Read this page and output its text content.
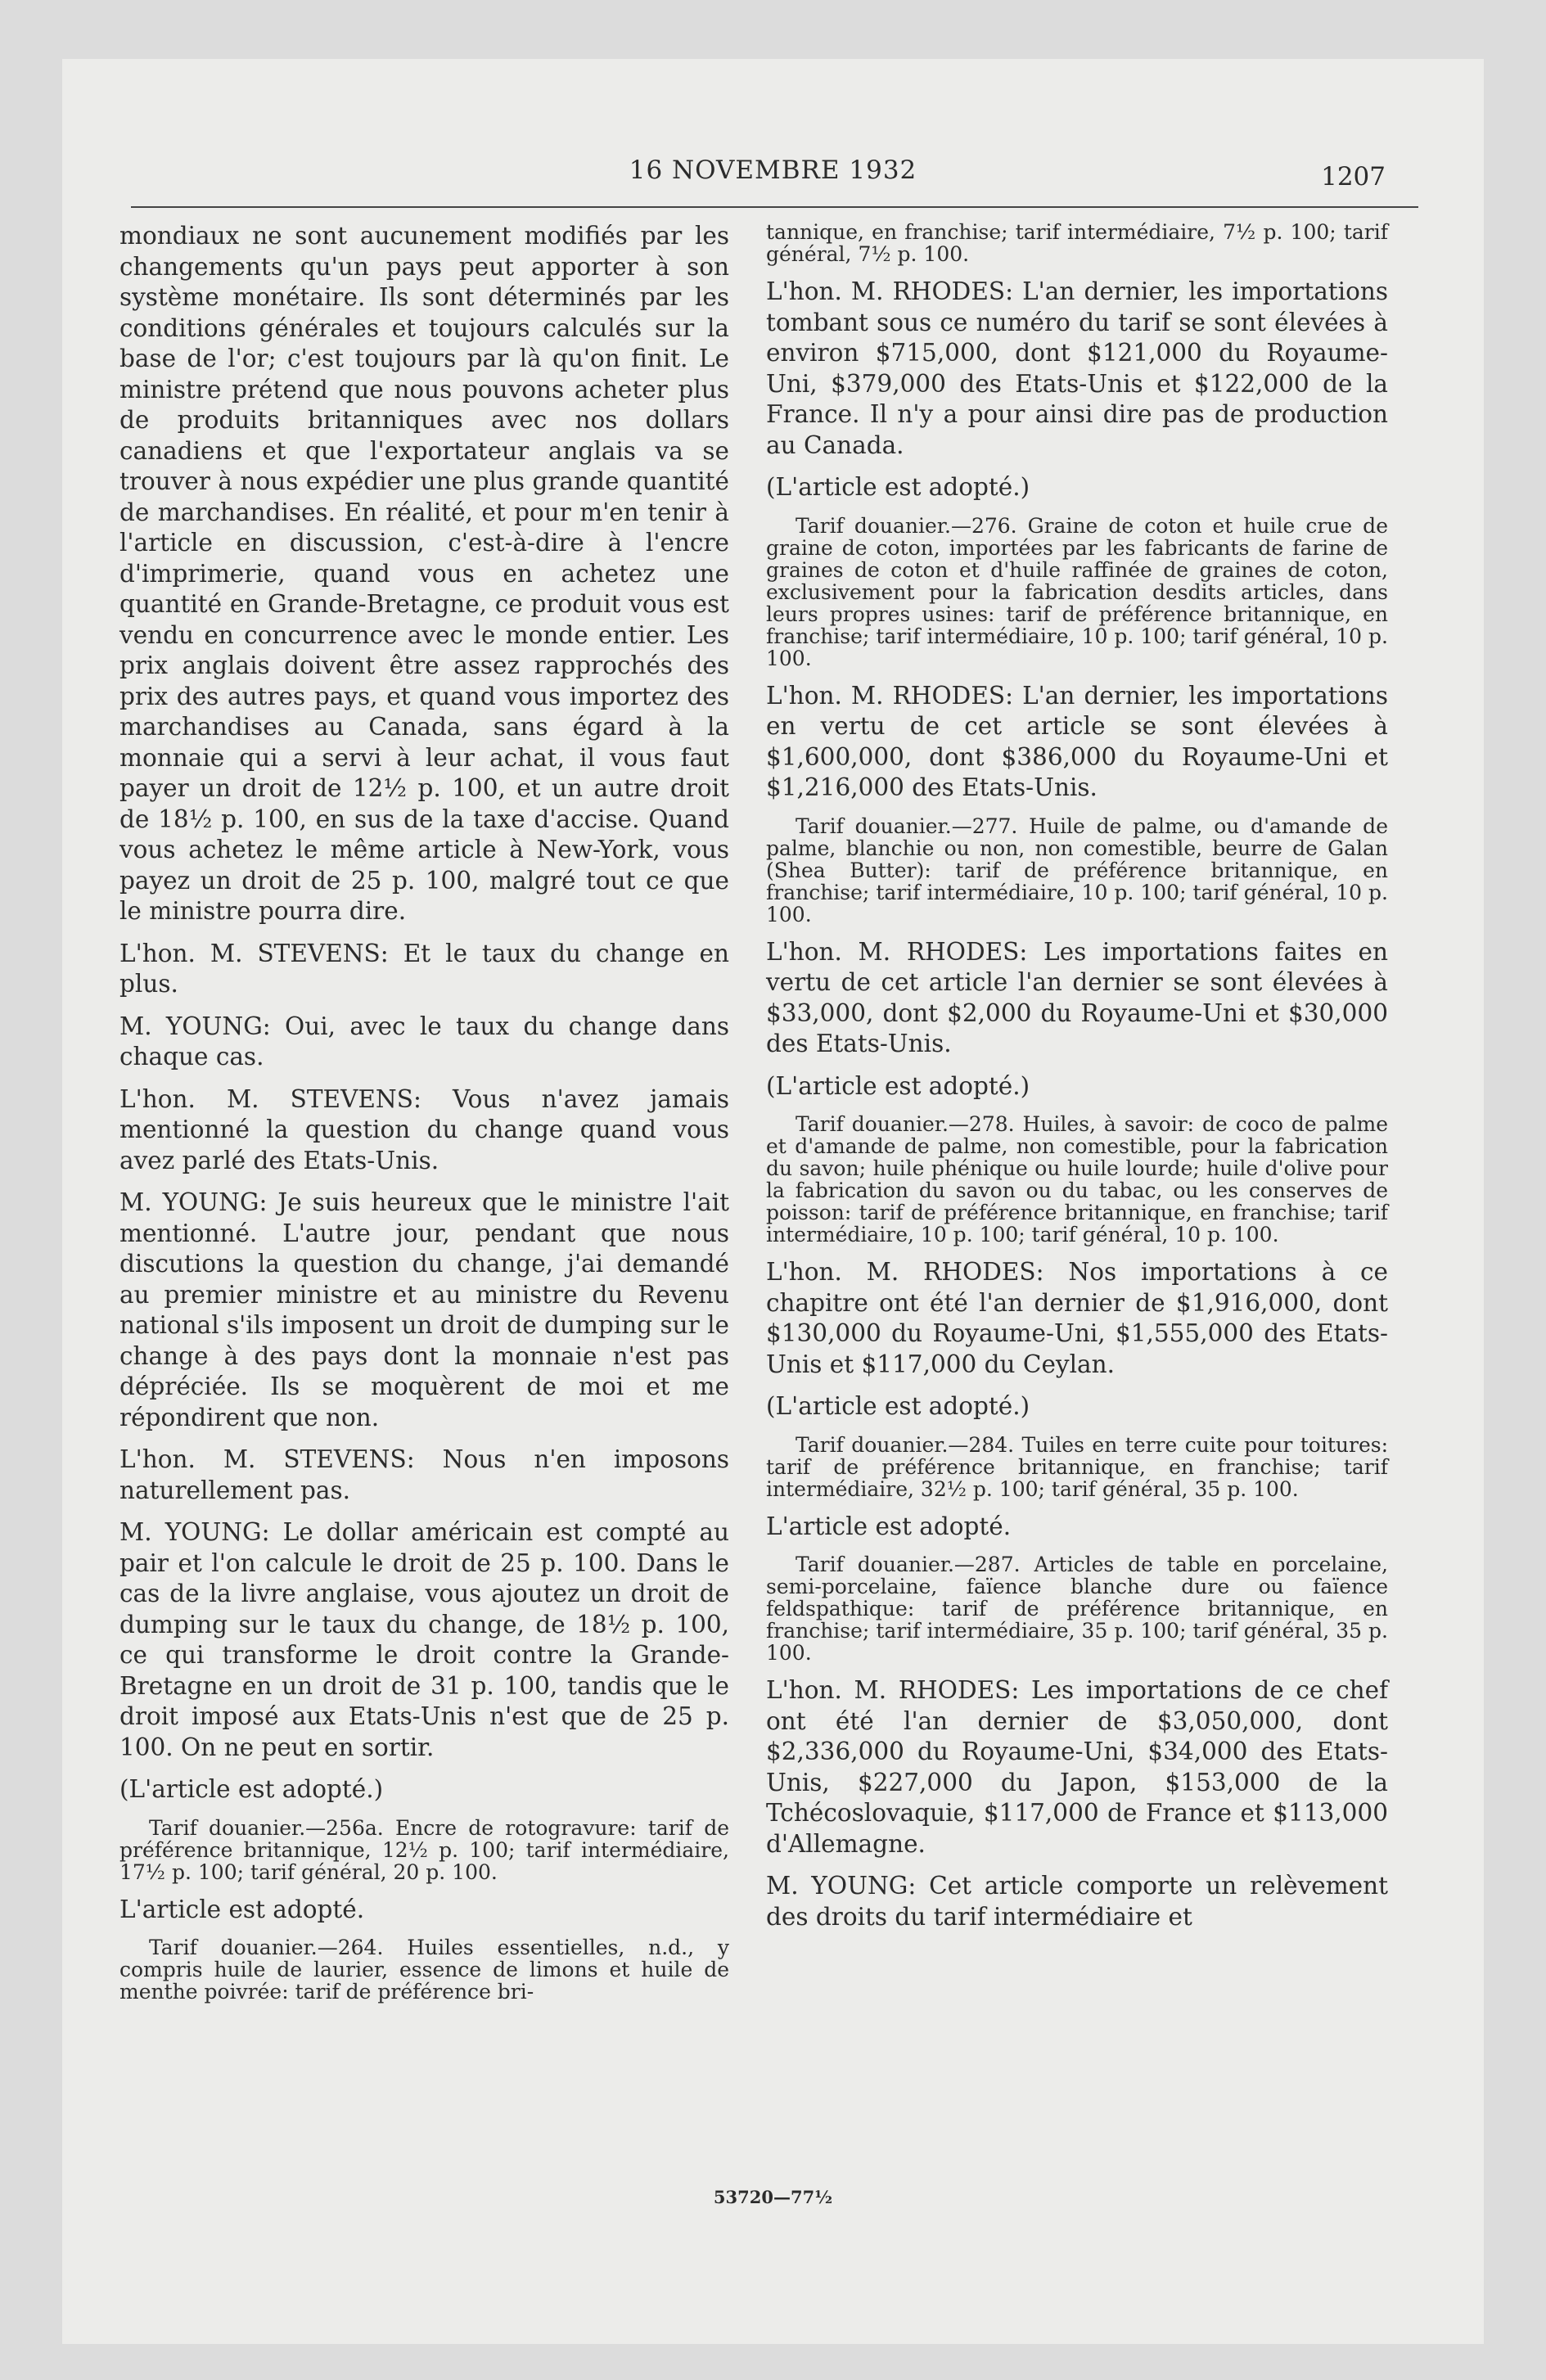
16 NOVEMBRE 1932	1207

mondiaux ne sont aucunement modifiés par les changements qu'un pays peut apporter à son système monétaire. Ils sont déterminés par les conditions générales et toujours calculés sur la base de l'or; c'est toujours par là qu'on finit. Le ministre prétend que nous pouvons acheter plus de produits britanniques avec nos dollars canadiens et que l'exportateur anglais va se trouver à nous expédier une plus grande quantité de marchandises. En réalité, et pour m'en tenir à l'article en discussion, c'est-à-dire à l'encre d'imprimerie, quand vous en achetez une quantité en Grande-Bretagne, ce produit vous est vendu en concurrence avec le monde entier. Les prix anglais doivent être assez rapprochés des prix des autres pays, et quand vous importez des marchandises au Canada, sans égard à la monnaie qui a servi à leur achat, il vous faut payer un droit de 12½ p. 100, et un autre droit de 18½ p. 100, en sus de la taxe d'accise. Quand vous achetez le même article à New-York, vous payez un droit de 25 p. 100, malgré tout ce que le ministre pourra dire.

L'hon. M. STEVENS: Et le taux du change en plus.

M. YOUNG: Oui, avec le taux du change dans chaque cas.

L'hon. M. STEVENS: Vous n'avez jamais mentionné la question du change quand vous avez parlé des Etats-Unis.

M. YOUNG: Je suis heureux que le ministre l'ait mentionné. L'autre jour, pendant que nous discutions la question du change, j'ai demandé au premier ministre et au ministre du Revenu national s'ils imposent un droit de dumping sur le change à des pays dont la monnaie n'est pas dépréciée. Ils se moquèrent de moi et me répondirent que non.

L'hon. M. STEVENS: Nous n'en imposons naturellement pas.

M. YOUNG: Le dollar américain est compté au pair et l'on calcule le droit de 25 p. 100. Dans le cas de la livre anglaise, vous ajoutez un droit de dumping sur le taux du change, de 18½ p. 100, ce qui transforme le droit contre la Grande-Bretagne en un droit de 31 p. 100, tandis que le droit imposé aux Etats-Unis n'est que de 25 p. 100. On ne peut en sortir.

(L'article est adopté.)

Tarif douanier.—256a. Encre de rotogravure: tarif de préférence britannique, 12½ p. 100; tarif intermédiaire, 17½ p. 100; tarif général, 20 p. 100.

L'article est adopté.

Tarif douanier.—264. Huiles essentielles, n.d., y compris huile de laurier, essence de limons et huile de menthe poivrée: tarif de préférence bri-

tannique, en franchise; tarif intermédiaire, 7½ p. 100; tarif général, 7½ p. 100.

L'hon. M. RHODES: L'an dernier, les importations tombant sous ce numéro du tarif se sont élevées à environ $715,000, dont $121,000 du Royaume-Uni, $379,000 des Etats-Unis et $122,000 de la France. Il n'y a pour ainsi dire pas de production au Canada.

(L'article est adopté.)

Tarif douanier.—276. Graine de coton et huile crue de graine de coton, importées par les fabricants de farine de graines de coton et d'huile raffinée de graines de coton, exclusivement pour la fabrication desdits articles, dans leurs propres usines: tarif de préférence britannique, en franchise; tarif intermédiaire, 10 p. 100; tarif général, 10 p. 100.

L'hon. M. RHODES: L'an dernier, les importations en vertu de cet article se sont élevées à $1,600,000, dont $386,000 du Royaume-Uni et $1,216,000 des Etats-Unis.

Tarif douanier.—277. Huile de palme, ou d'amande de palme, blanchie ou non, non comestible, beurre de Galan (Shea Butter): tarif de préférence britannique, en franchise; tarif intermédiaire, 10 p. 100; tarif général, 10 p. 100.

L'hon. M. RHODES: Les importations faites en vertu de cet article l'an dernier se sont élevées à $33,000, dont $2,000 du Royaume-Uni et $30,000 des Etats-Unis.

(L'article est adopté.)

Tarif douanier.—278. Huiles, à savoir: de coco de palme et d'amande de palme, non comestible, pour la fabrication du savon; huile phénique ou huile lourde; huile d'olive pour la fabrication du savon ou du tabac, ou les conserves de poisson: tarif de préférence britannique, en franchise; tarif intermédiaire, 10 p. 100; tarif général, 10 p. 100.

L'hon. M. RHODES: Nos importations à ce chapitre ont été l'an dernier de $1,916,000, dont $130,000 du Royaume-Uni, $1,555,000 des Etats-Unis et $117,000 du Ceylan.

(L'article est adopté.)

Tarif douanier.—284. Tuiles en terre cuite pour toitures: tarif de préférence britannique, en franchise; tarif intermédiaire, 32½ p. 100; tarif général, 35 p. 100.

L'article est adopté.

Tarif douanier.—287. Articles de table en porcelaine, semi-porcelaine, faïence blanche dure ou faïence feldspathique: tarif de préférence britannique, en franchise; tarif intermédiaire, 35 p. 100; tarif général, 35 p. 100.

L'hon. M. RHODES: Les importations de ce chef ont été l'an dernier de $3,050,000, dont $2,336,000 du Royaume-Uni, $34,000 des Etats-Unis, $227,000 du Japon, $153,000 de la Tchécoslovaquie, $117,000 de France et $113,000 d'Allemagne.

M. YOUNG: Cet article comporte un relèvement des droits du tarif intermédiaire et

53720—77½
